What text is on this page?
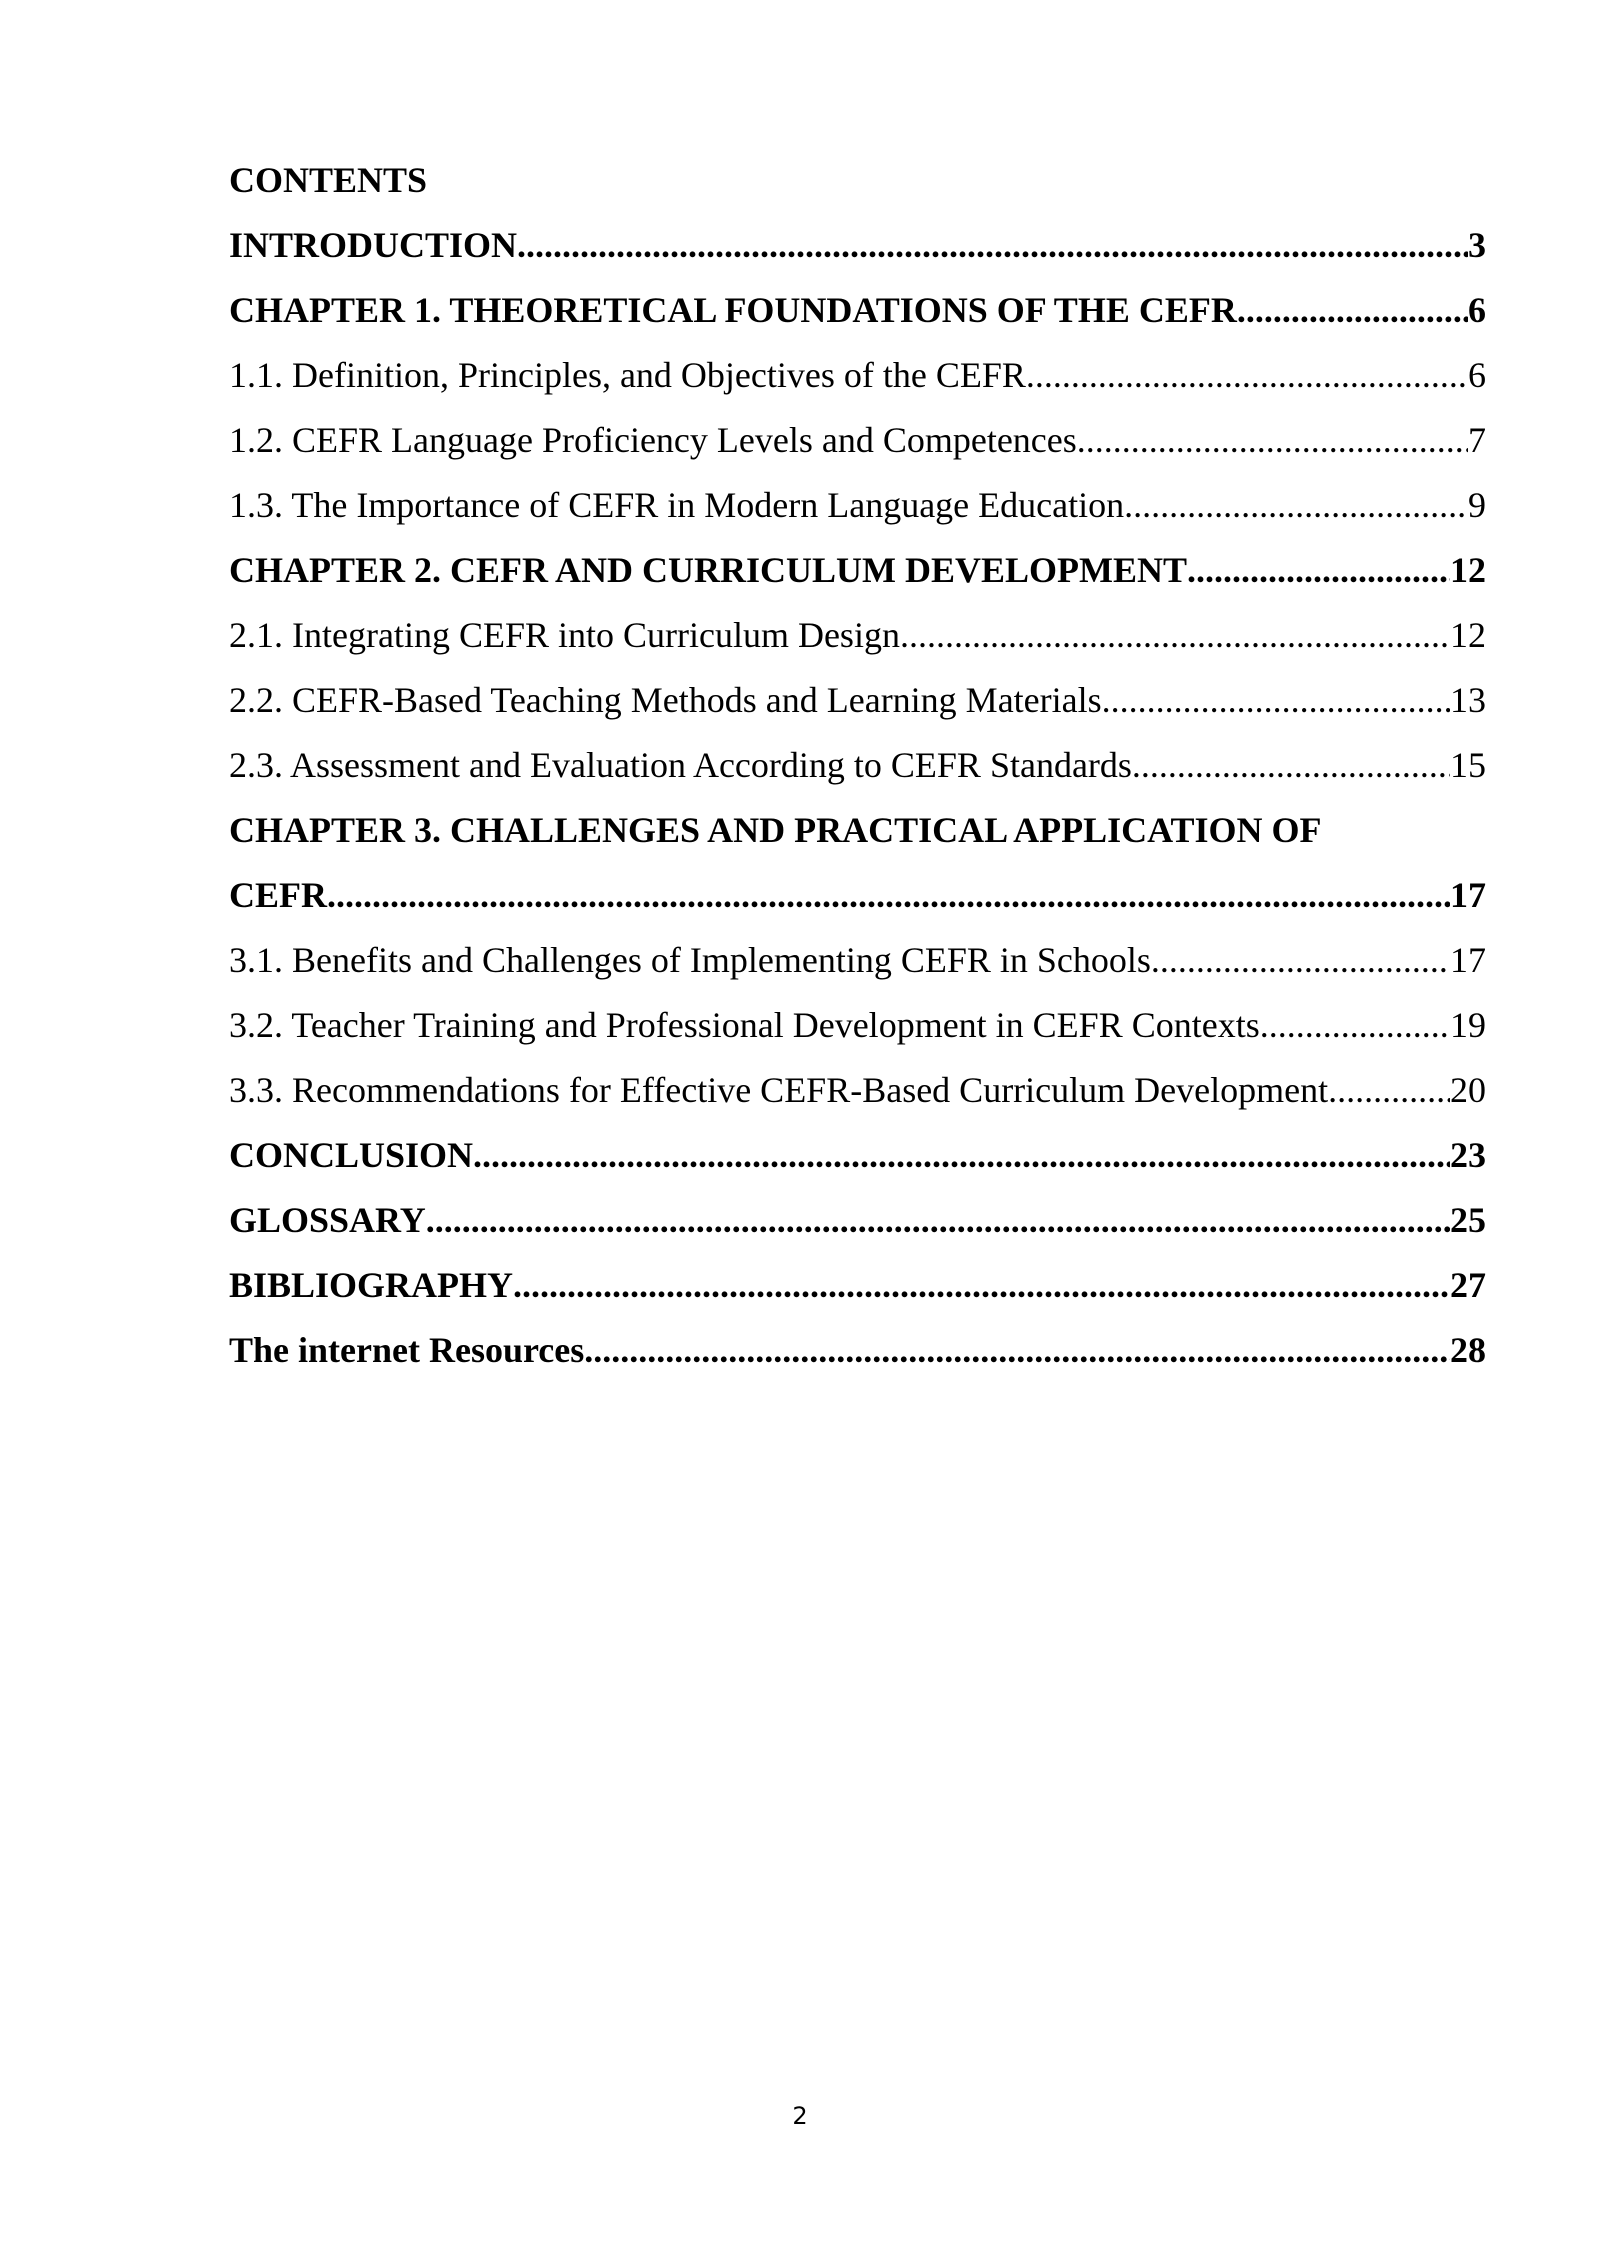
CONTENTS
INTRODUCTION .....	3
CHAPTER 1. THEORETICAL FOUNDATIONS OF THE CEFR .....	6
1.1. Definition, Principles, and Objectives of the CEFR .....	6
1.2. CEFR Language Proficiency Levels and Competences .....	7
1.3. The Importance of CEFR in Modern Language Education .....	9
CHAPTER 2. CEFR AND CURRICULUM DEVELOPMENT .....	12
2.1. Integrating CEFR into Curriculum Design .....	12
2.2. CEFR-Based Teaching Methods and Learning Materials .....	13
2.3. Assessment and Evaluation According to CEFR Standards .....	15
CHAPTER 3. CHALLENGES AND PRACTICAL APPLICATION OF
CEFR .....	17
3.1. Benefits and Challenges of Implementing CEFR in Schools .....	17
3.2. Teacher Training and Professional Development in CEFR Contexts .....	19
3.3. Recommendations for Effective CEFR-Based Curriculum Development .....	20
CONCLUSION .....	23
GLOSSARY .....	25
BIBLIOGRAPHY .....	27
The internet Resources .....	28
2
